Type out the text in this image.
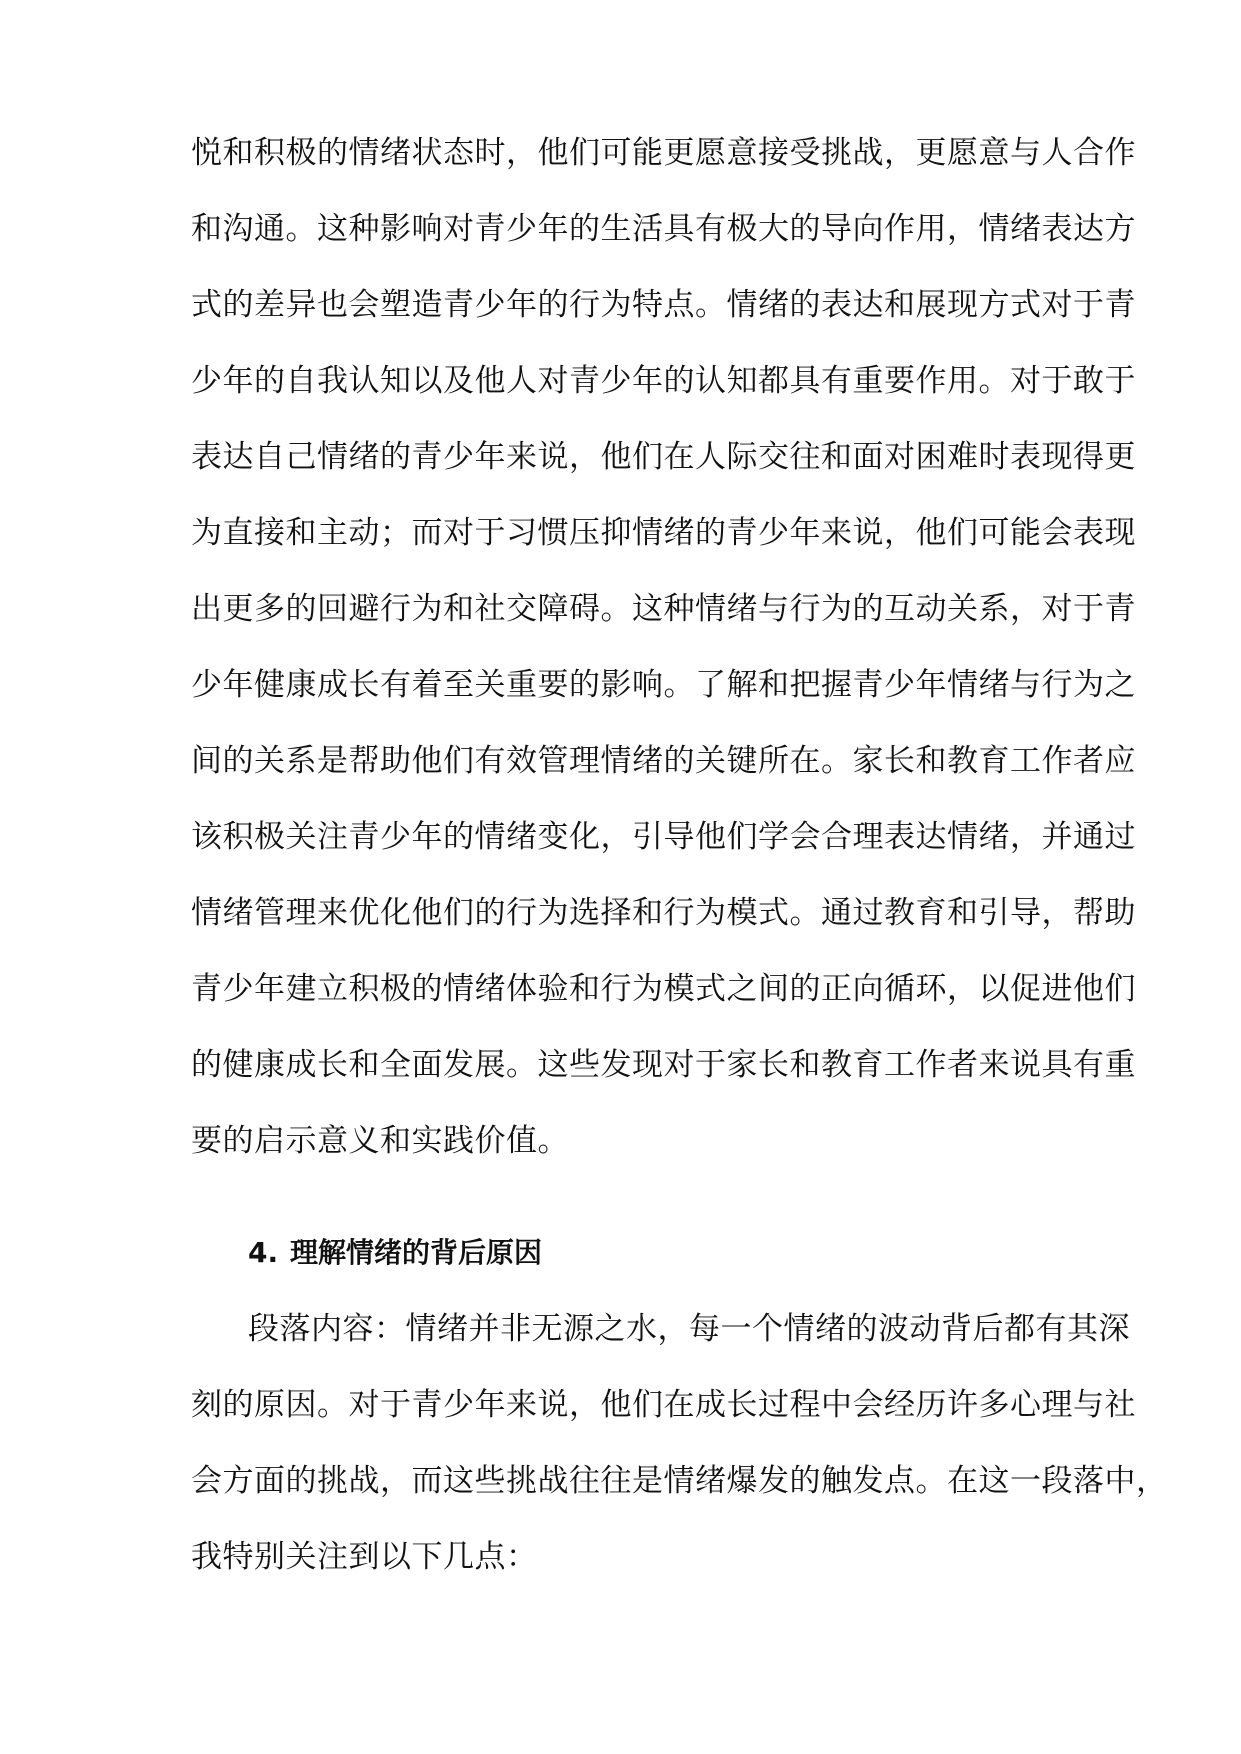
悦和积极的情绪状态时，他们可能更愿意接受挑战，更愿意与人合作
和沟通。这种影响对青少年的生活具有极大的导向作用，情绪表达方
式的差异也会塑造青少年的行为特点。情绪的表达和展现方式对于青
少年的自我认知以及他人对青少年的认知都具有重要作用。对于敢于
表达自己情绪的青少年来说，他们在人际交往和面对困难时表现得更
为直接和主动；而对于习惯压抑情绪的青少年来说，他们可能会表现
出更多的回避行为和社交障碍。这种情绪与行为的互动关系，对于青
少年健康成长有着至关重要的影响。了解和把握青少年情绪与行为之
间的关系是帮助他们有效管理情绪的关键所在。家长和教育工作者应
该积极关注青少年的情绪变化，引导他们学会合理表达情绪，并通过
情绪管理来优化他们的行为选择和行为模式。通过教育和引导，帮助
青少年建立积极的情绪体验和行为模式之间的正向循环，以促进他们
的健康成长和全面发展。这些发现对于家长和教育工作者来说具有重
要的启示意义和实践价值。
4. 理解情绪的背后原因
段落内容：情绪并非无源之水，每一个情绪的波动背后都有其深
刻的原因。对于青少年来说，他们在成长过程中会经历许多心理与社
会方面的挑战，而这些挑战往往是情绪爆发的触发点。在这一段落中，
我特别关注到以下几点：
